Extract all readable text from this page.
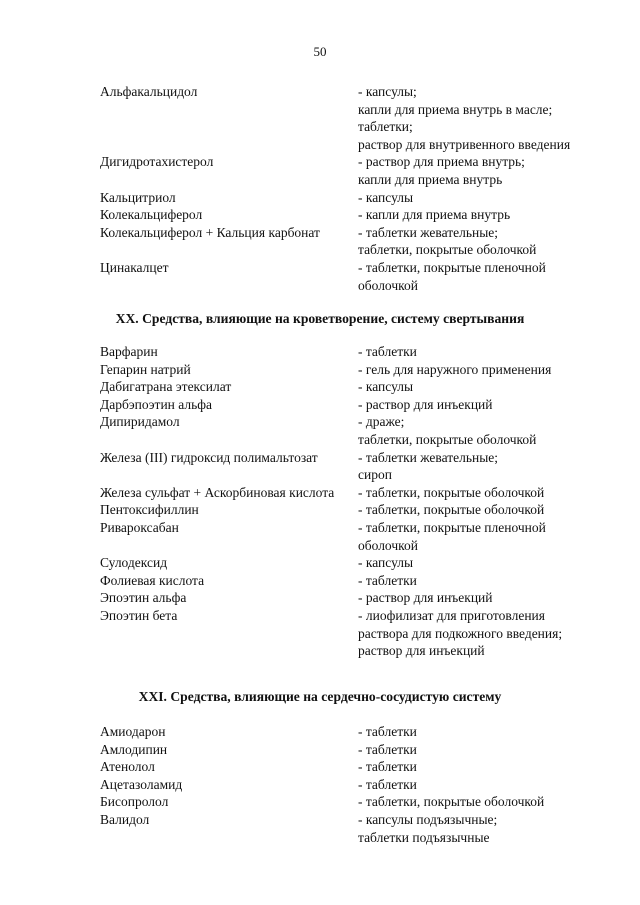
50
Альфакальцидол	- капсулы;
капли для приема внутрь в масле;
таблетки;
раствор для внутривенного введения
Дигидротахистерол	- раствор для приема внутрь;
капли для приема внутрь
Кальцитриол	- капсулы
Колекальциферол	- капли для приема внутрь
Колекальциферол + Кальция карбонат	- таблетки жевательные;
таблетки, покрытые оболочкой
Цинакалцет	- таблетки, покрытые пленочной
оболочкой
XX. Средства, влияющие на кроветворение, систему свертывания
Варфарин	- таблетки
Гепарин натрий	- гель для наружного применения
Дабигатрана этексилат	- капсулы
Дарбэпоэтин альфа	- раствор для инъекций
Дипиридамол	- драже;
таблетки, покрытые оболочкой
Железа (III) гидроксид полимальтозат	- таблетки жевательные;
сироп
Железа сульфат + Аскорбиновая кислота	- таблетки, покрытые оболочкой
Пентоксифиллин	- таблетки, покрытые оболочкой
Ривароксабан	- таблетки, покрытые пленочной
оболочкой
Сулодексид	- капсулы
Фолиевая кислота	- таблетки
Эпоэтин альфа	- раствор для инъекций
Эпоэтин бета	- лиофилизат для приготовления
раствора для подкожного введения;
раствор для инъекций
XXI. Средства, влияющие на сердечно-сосудистую систему
Амиодарон	- таблетки
Амлодипин	- таблетки
Атенолол	- таблетки
Ацетазоламид	- таблетки
Бисопролол	- таблетки, покрытые оболочкой
Валидол	- капсулы подъязычные;
таблетки подъязычные
